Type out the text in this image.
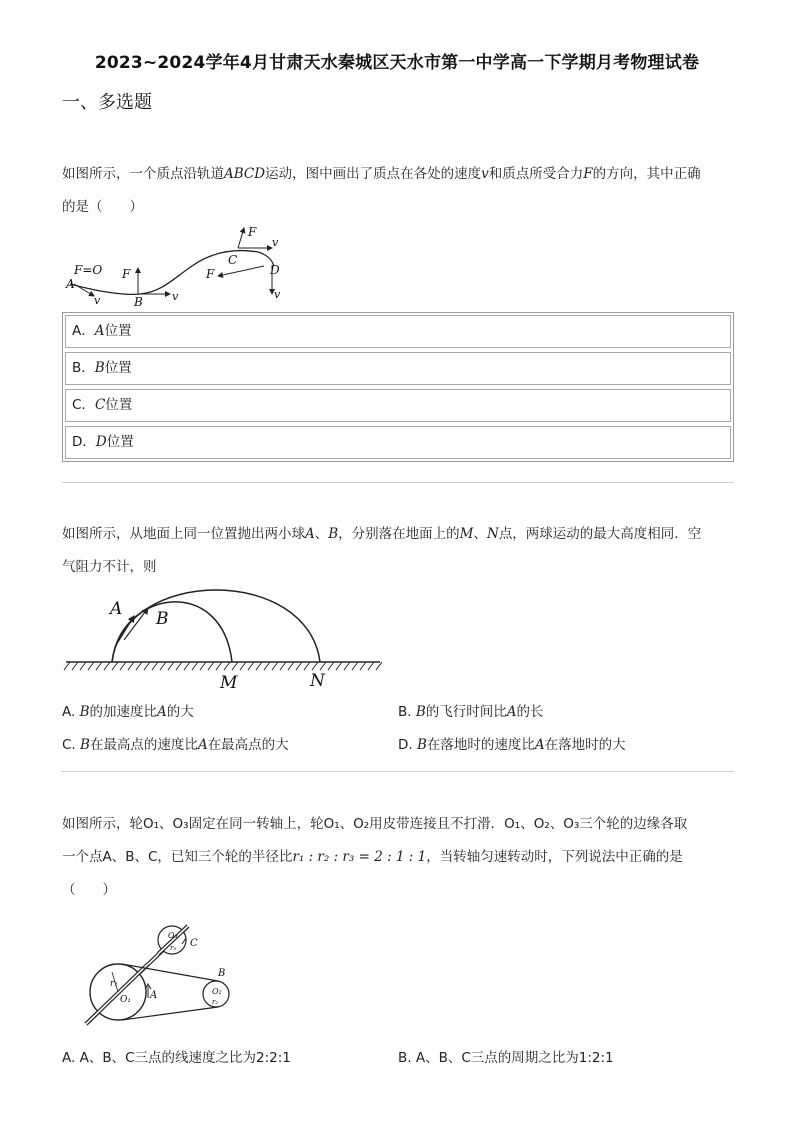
2023~2024学年4月甘肃天水秦城区天水市第一中学高一下学期月考物理试卷
一、多选题
如图所示，一个质点沿轨道ABCD运动，图中画出了质点在各处的速度v和质点所受合力F的方向，其中正确
的是（　　）
F=O
A
v
F
B	v
F
C
v
D
F
v
A．A位置
B．B位置
C．C位置
D．D位置
如图所示，从地面上同一位置抛出两小球A、B，分别落在地面上的M、N点，两球运动的最大高度相同．空
气阻力不计，则
A B
M	N
A. B的加速度比A的大	B. B的飞行时间比A的长
C. B在最高点的速度比A在最高点的大	D. B在落地时的速度比A在落地时的大
如图所示，轮O₁、O₃固定在同一转轴上，轮O₁、O₂用皮带连接且不打滑．O₁、O₂、O₃三个轮的边缘各取
一个点A、B、C，已知三个轮的半径比r₁ : r₂ : r₃ = 2 : 1 : 1，当转轴匀速转动时，下列说法中正确的是
（　　）
r₁
O₁ A
O₃
r₃ C
B
O₂
r₂
A. A、B、C三点的线速度之比为2:2:1	B. A、B、C三点的周期之比为1:2:1
